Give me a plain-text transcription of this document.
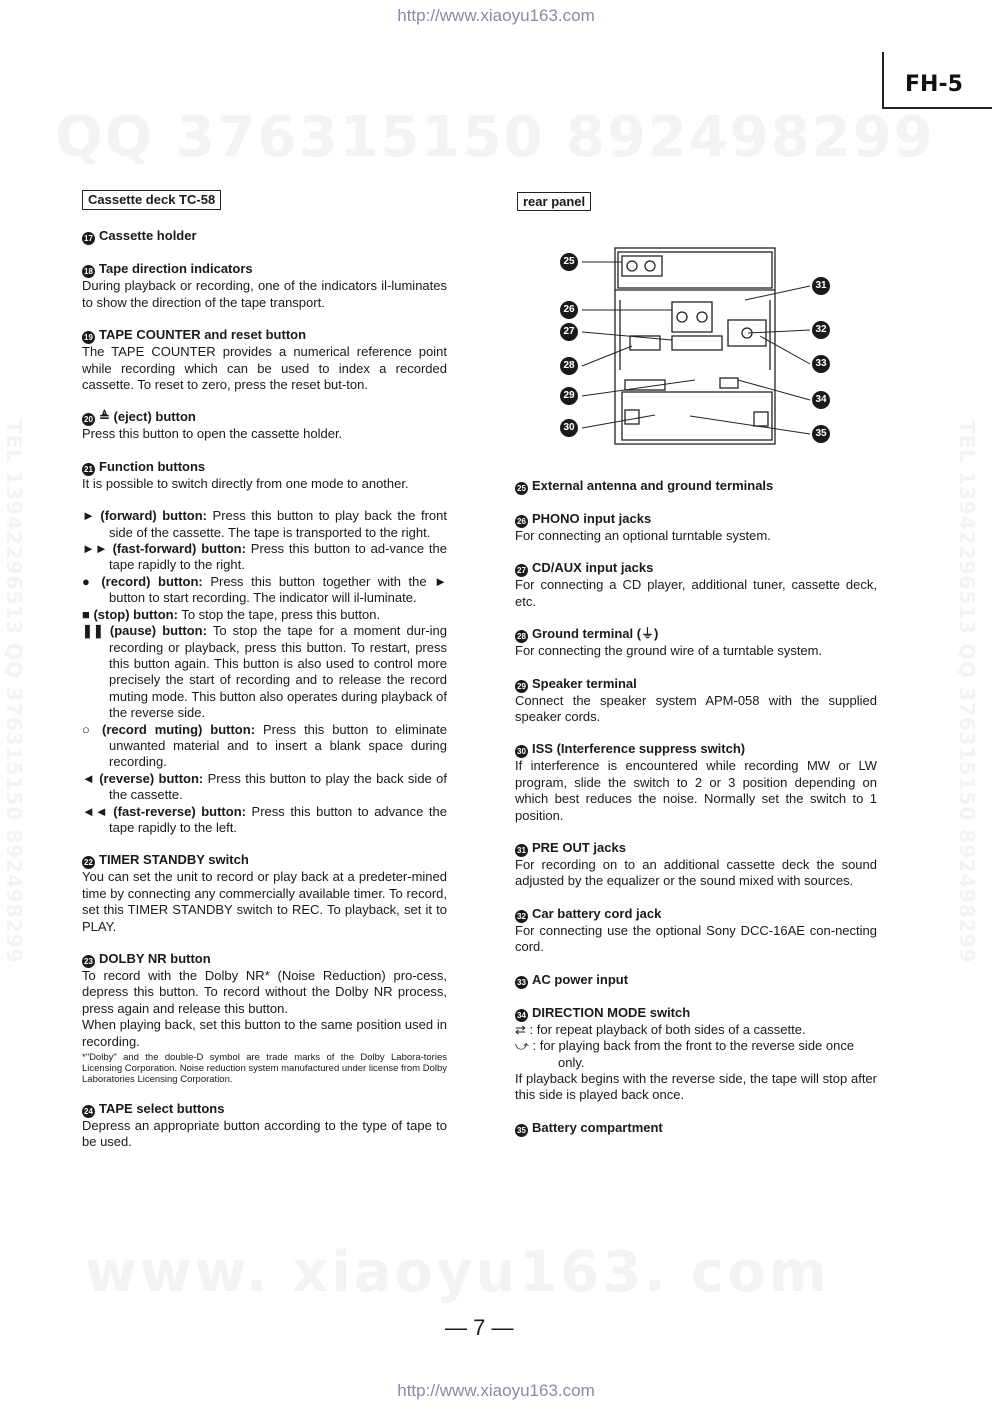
http://www.xiaoyu163.com
QQ 376315150 892498299
TEL 13942296513 QQ 376315150 892498299	TEL 13942296513 QQ 376315150 892498299
www. xiaoyu163. com
FH-5
Cassette deck TC-58
17 Cassette holder
18 Tape direction indicators

During playback or recording, one of the indicators il-luminates to show the direction of the tape transport.

19 TAPE COUNTER and reset button

The TAPE COUNTER provides a numerical reference point while recording which can be used to index a recorded cassette. To reset to zero, press the reset but-ton.

20 ≜ (eject) button

Press this button to open the cassette holder.

21 Function buttons

It is possible to switch directly from one mode to another.

► (forward) button: Press this button to play back the front side of the cassette. The tape is transported to the right.
►► (fast-forward) button: Press this button to ad-vance the tape rapidly to the right.
● (record) button: Press this button together with the ► button to start recording. The indicator will il-luminate.
■ (stop) button: To stop the tape, press this button.
❚❚ (pause) button: To stop the tape for a moment dur-ing recording or playback, press this button. To restart, press this button again. This button is also used to control more precisely the start of recording and to release the record muting mode. This button also operates during playback of the reverse side.
○ (record muting) button: Press this button to eliminate unwanted material and to insert a blank space during recording.
◄ (reverse) button: Press this button to play the back side of the cassette.
◄◄ (fast-reverse) button: Press this button to advance the tape rapidly to the left.
22 TIMER STANDBY switch

You can set the unit to record or play back at a predeter-mined time by connecting any commercially available timer. To record, set this TIMER STANDBY switch to REC. To playback, set it to PLAY.

23 DOLBY NR button

To record with the Dolby NR* (Noise Reduction) pro-cess, depress this button. To record without the Dolby NR process, press again and release this button.

When playing back, set this button to the same position used in recording.

*"Dolby" and the double-D symbol are trade marks of the Dolby Labora-tories Licensing Corporation. Noise reduction system manufactured under license from Dolby Laboratories Licensing Corporation.

24 TAPE select buttons

Depress an appropriate button according to the type of tape to be used.

rear panel
25
26
27
28
29
30
31
32
33
34
35
25 External antenna and ground terminals
26 PHONO input jacks

For connecting an optional turntable system.

27 CD/AUX input jacks

For connecting a CD player, additional tuner, cassette deck, etc.

28 Ground terminal (⏚)

For connecting the ground wire of a turntable system.

29 Speaker terminal

Connect the speaker system APM-058 with the supplied speaker cords.

30 ISS (Interference suppress switch)

If interference is encountered while recording MW or LW program, slide the switch to 2 or 3 position depending on which best reduces the noise. Normally set the switch to 1 position.

31 PRE OUT jacks

For recording on to an additional cassette deck the sound adjusted by the equalizer or the sound mixed with sources.

32 Car battery cord jack

For connecting use the optional Sony DCC-16AE con-necting cord.

33 AC power input
34 DIRECTION MODE switch
⇄ : for repeat playback of both sides of a cassette.
⤻ : for playing back from the front to the reverse side once only.

If playback begins with the reverse side, the tape will stop after this side is played back once.

35 Battery compartment
— 7 —
http://www.xiaoyu163.com
